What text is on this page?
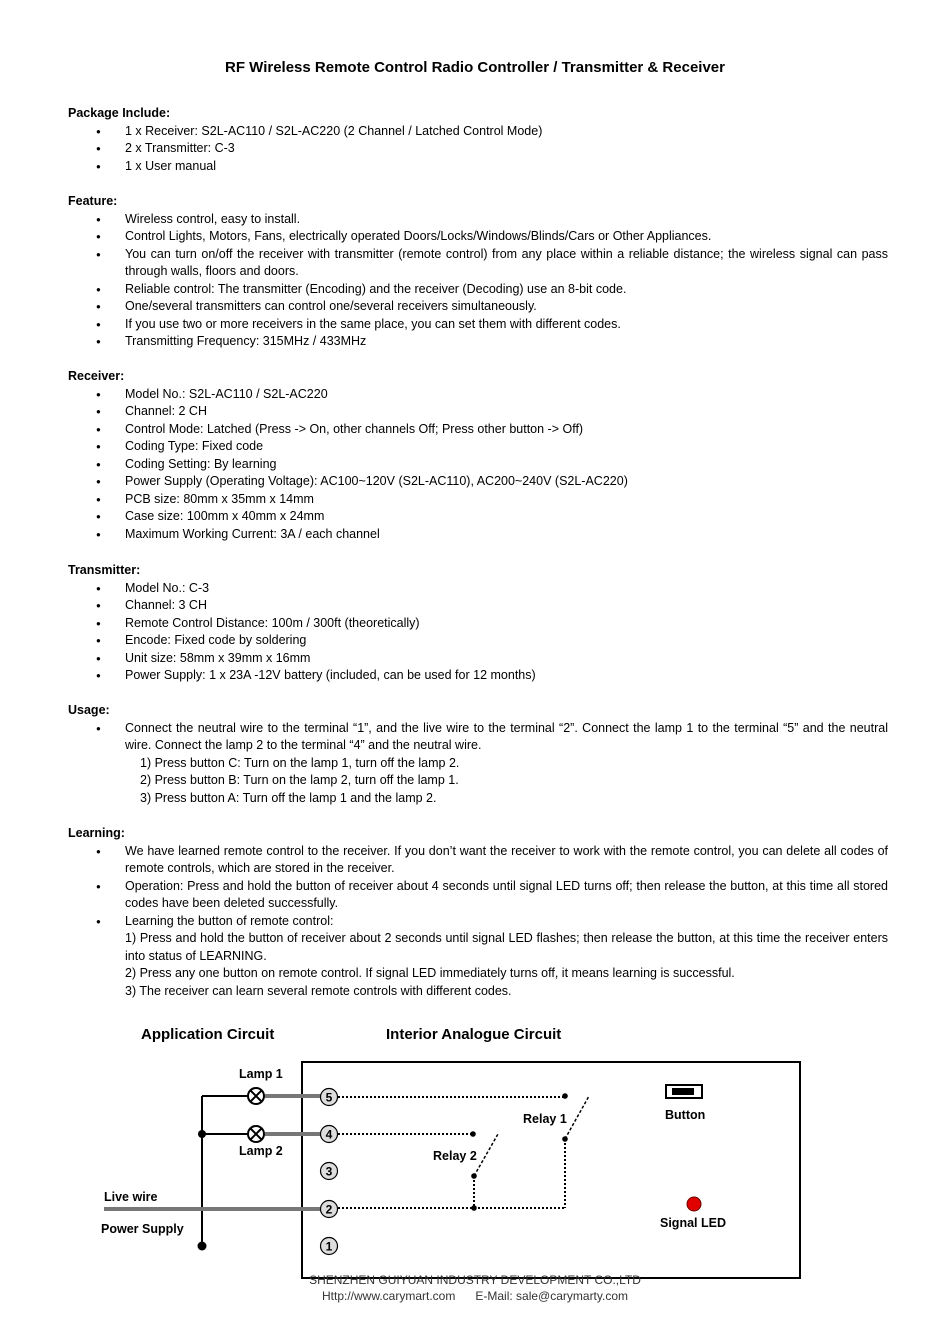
RF Wireless Remote Control Radio Controller / Transmitter & Receiver
Package Include:
● 1 x Receiver: S2L-AC110 / S2L-AC220 (2 Channel / Latched Control Mode)
● 2 x Transmitter: C-3
● 1 x User manual
Feature:
● Wireless control, easy to install.
● Control Lights, Motors, Fans, electrically operated Doors/Locks/Windows/Blinds/Cars or Other Appliances.
● You can turn on/off the receiver with transmitter (remote control) from any place within a reliable distance; the wireless signal can pass through walls, floors and doors.
● Reliable control: The transmitter (Encoding) and the receiver (Decoding) use an 8-bit code.
● One/several transmitters can control one/several receivers simultaneously.
● If you use two or more receivers in the same place, you can set them with different codes.
● Transmitting Frequency: 315MHz / 433MHz
Receiver:
● Model No.: S2L-AC110 / S2L-AC220
● Channel: 2 CH
● Control Mode: Latched (Press -> On, other channels Off; Press other button -> Off)
● Coding Type: Fixed code
● Coding Setting: By learning
● Power Supply (Operating Voltage): AC100~120V (S2L-AC110), AC200~240V (S2L-AC220)
● PCB size: 80mm x 35mm x 14mm
● Case size: 100mm x 40mm x 24mm
● Maximum Working Current: 3A / each channel
Transmitter:
● Model No.: C-3
● Channel: 3 CH
● Remote Control Distance: 100m / 300ft (theoretically)
● Encode: Fixed code by soldering
● Unit size: 58mm x 39mm x 16mm
● Power Supply: 1 x 23A -12V battery (included, can be used for 12 months)
Usage:
● Connect the neutral wire to the terminal “1”, and the live wire to the terminal “2”. Connect the lamp 1 to the terminal “5” and the neutral wire. Connect the lamp 2 to the terminal “4” and the neutral wire.
1) Press button C: Turn on the lamp 1, turn off the lamp 2.
2) Press button B: Turn on the lamp 2, turn off the lamp 1.
3) Press button A: Turn off the lamp 1 and the lamp 2.
Learning:
● We have learned remote control to the receiver. If you don’t want the receiver to work with the remote control, you can delete all codes of remote controls, which are stored in the receiver.
● Operation: Press and hold the button of receiver about 4 seconds until signal LED turns off; then release the button, at this time all stored codes have been deleted successfully.
● Learning the button of remote control:
1) Press and hold the button of receiver about 2 seconds until signal LED flashes; then release the button, at this time the receiver enters into status of LEARNING.
2) Press any one button on remote control. If signal LED immediately turns off, it means learning is successful.
3) The receiver can learn several remote controls with different codes.
Application Circuit	Interior Analogue Circuit
5
4
3
2
1
Lamp 1
Lamp 2
Live wire
Power Supply
Relay 1
Relay 2
Button
Signal LED
SHENZHEN GUIYUAN INDUSTRY DEVELOPMENT CO.,LTD
Http://www.carymart.com E-Mail: sale@carymarty.com
